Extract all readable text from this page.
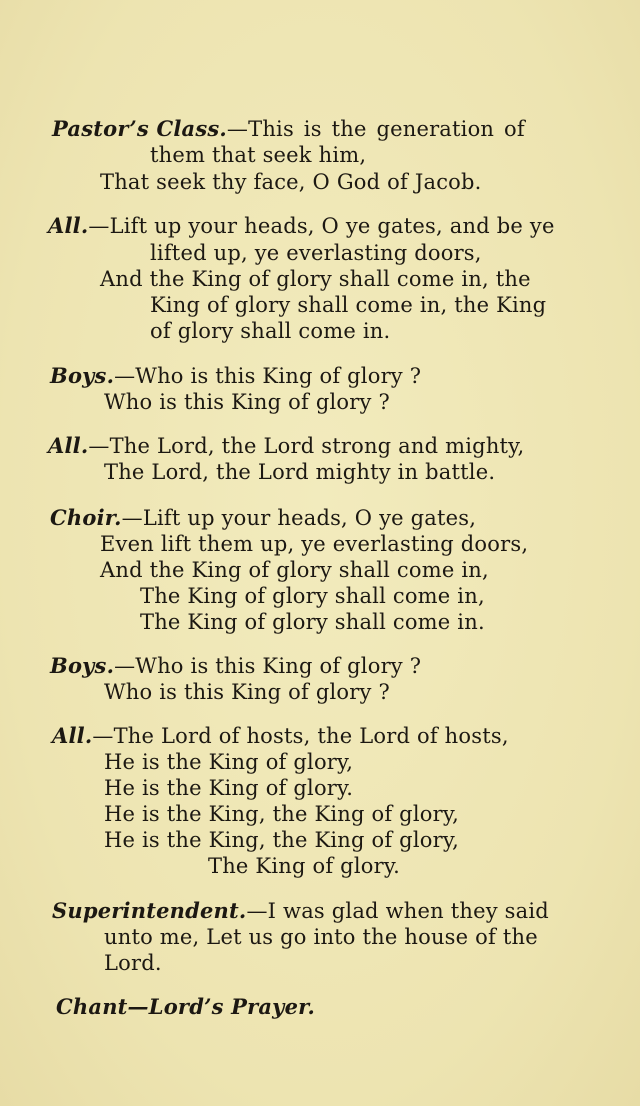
Pastor’s Class.—This is the generation of
them that seek him,
That seek thy face, O God of Jacob.
All.—Lift up your heads, O ye gates, and be ye
lifted up, ye everlasting doors,
And the King of glory shall come in, the
King of glory shall come in, the King
of glory shall come in.
Boys.—Who is this King of glory ?
Who is this King of glory ?
All.—The Lord, the Lord strong and mighty,
The Lord, the Lord mighty in battle.
Choir.—Lift up your heads, O ye gates,
Even lift them up, ye everlasting doors,
And the King of glory shall come in,
The King of glory shall come in,
The King of glory shall come in.
Boys.—Who is this King of glory ?
Who is this King of glory ?
All.—The Lord of hosts, the Lord of hosts,
He is the King of glory,
He is the King of glory.
He is the King, the King of glory,
He is the King, the King of glory,
The King of glory.
Superintendent.—I was glad when they said
unto me, Let us go into the house of the
Lord.
Chant—Lord’s Prayer.
